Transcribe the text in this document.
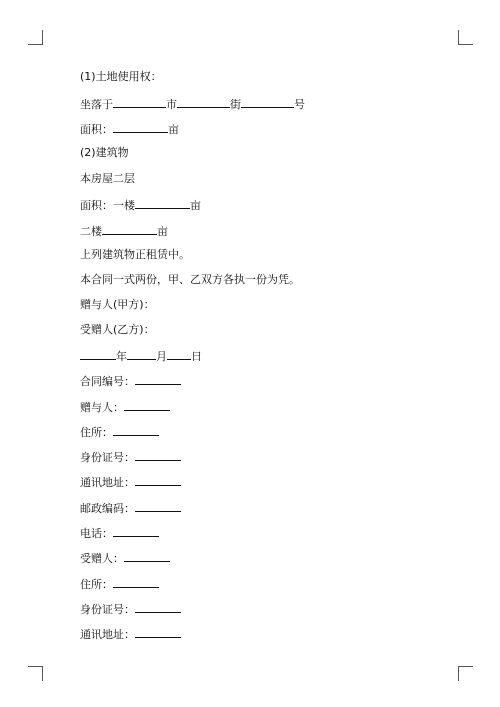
(1)土地使用权：
坐落于	市	街	号
面积：	亩
(2)建筑物
本房屋二层
面积：一楼	亩
二楼	亩
上列建筑物正租赁中。
本合同一式两份，甲、乙双方各执一份为凭。
赠与人(甲方)：
受赠人(乙方)：
年	月 日
合同编号：
赠与人：
住所：
身份证号：
通讯地址：
邮政编码：
电话：
受赠人：
住所：
身份证号：
通讯地址：
